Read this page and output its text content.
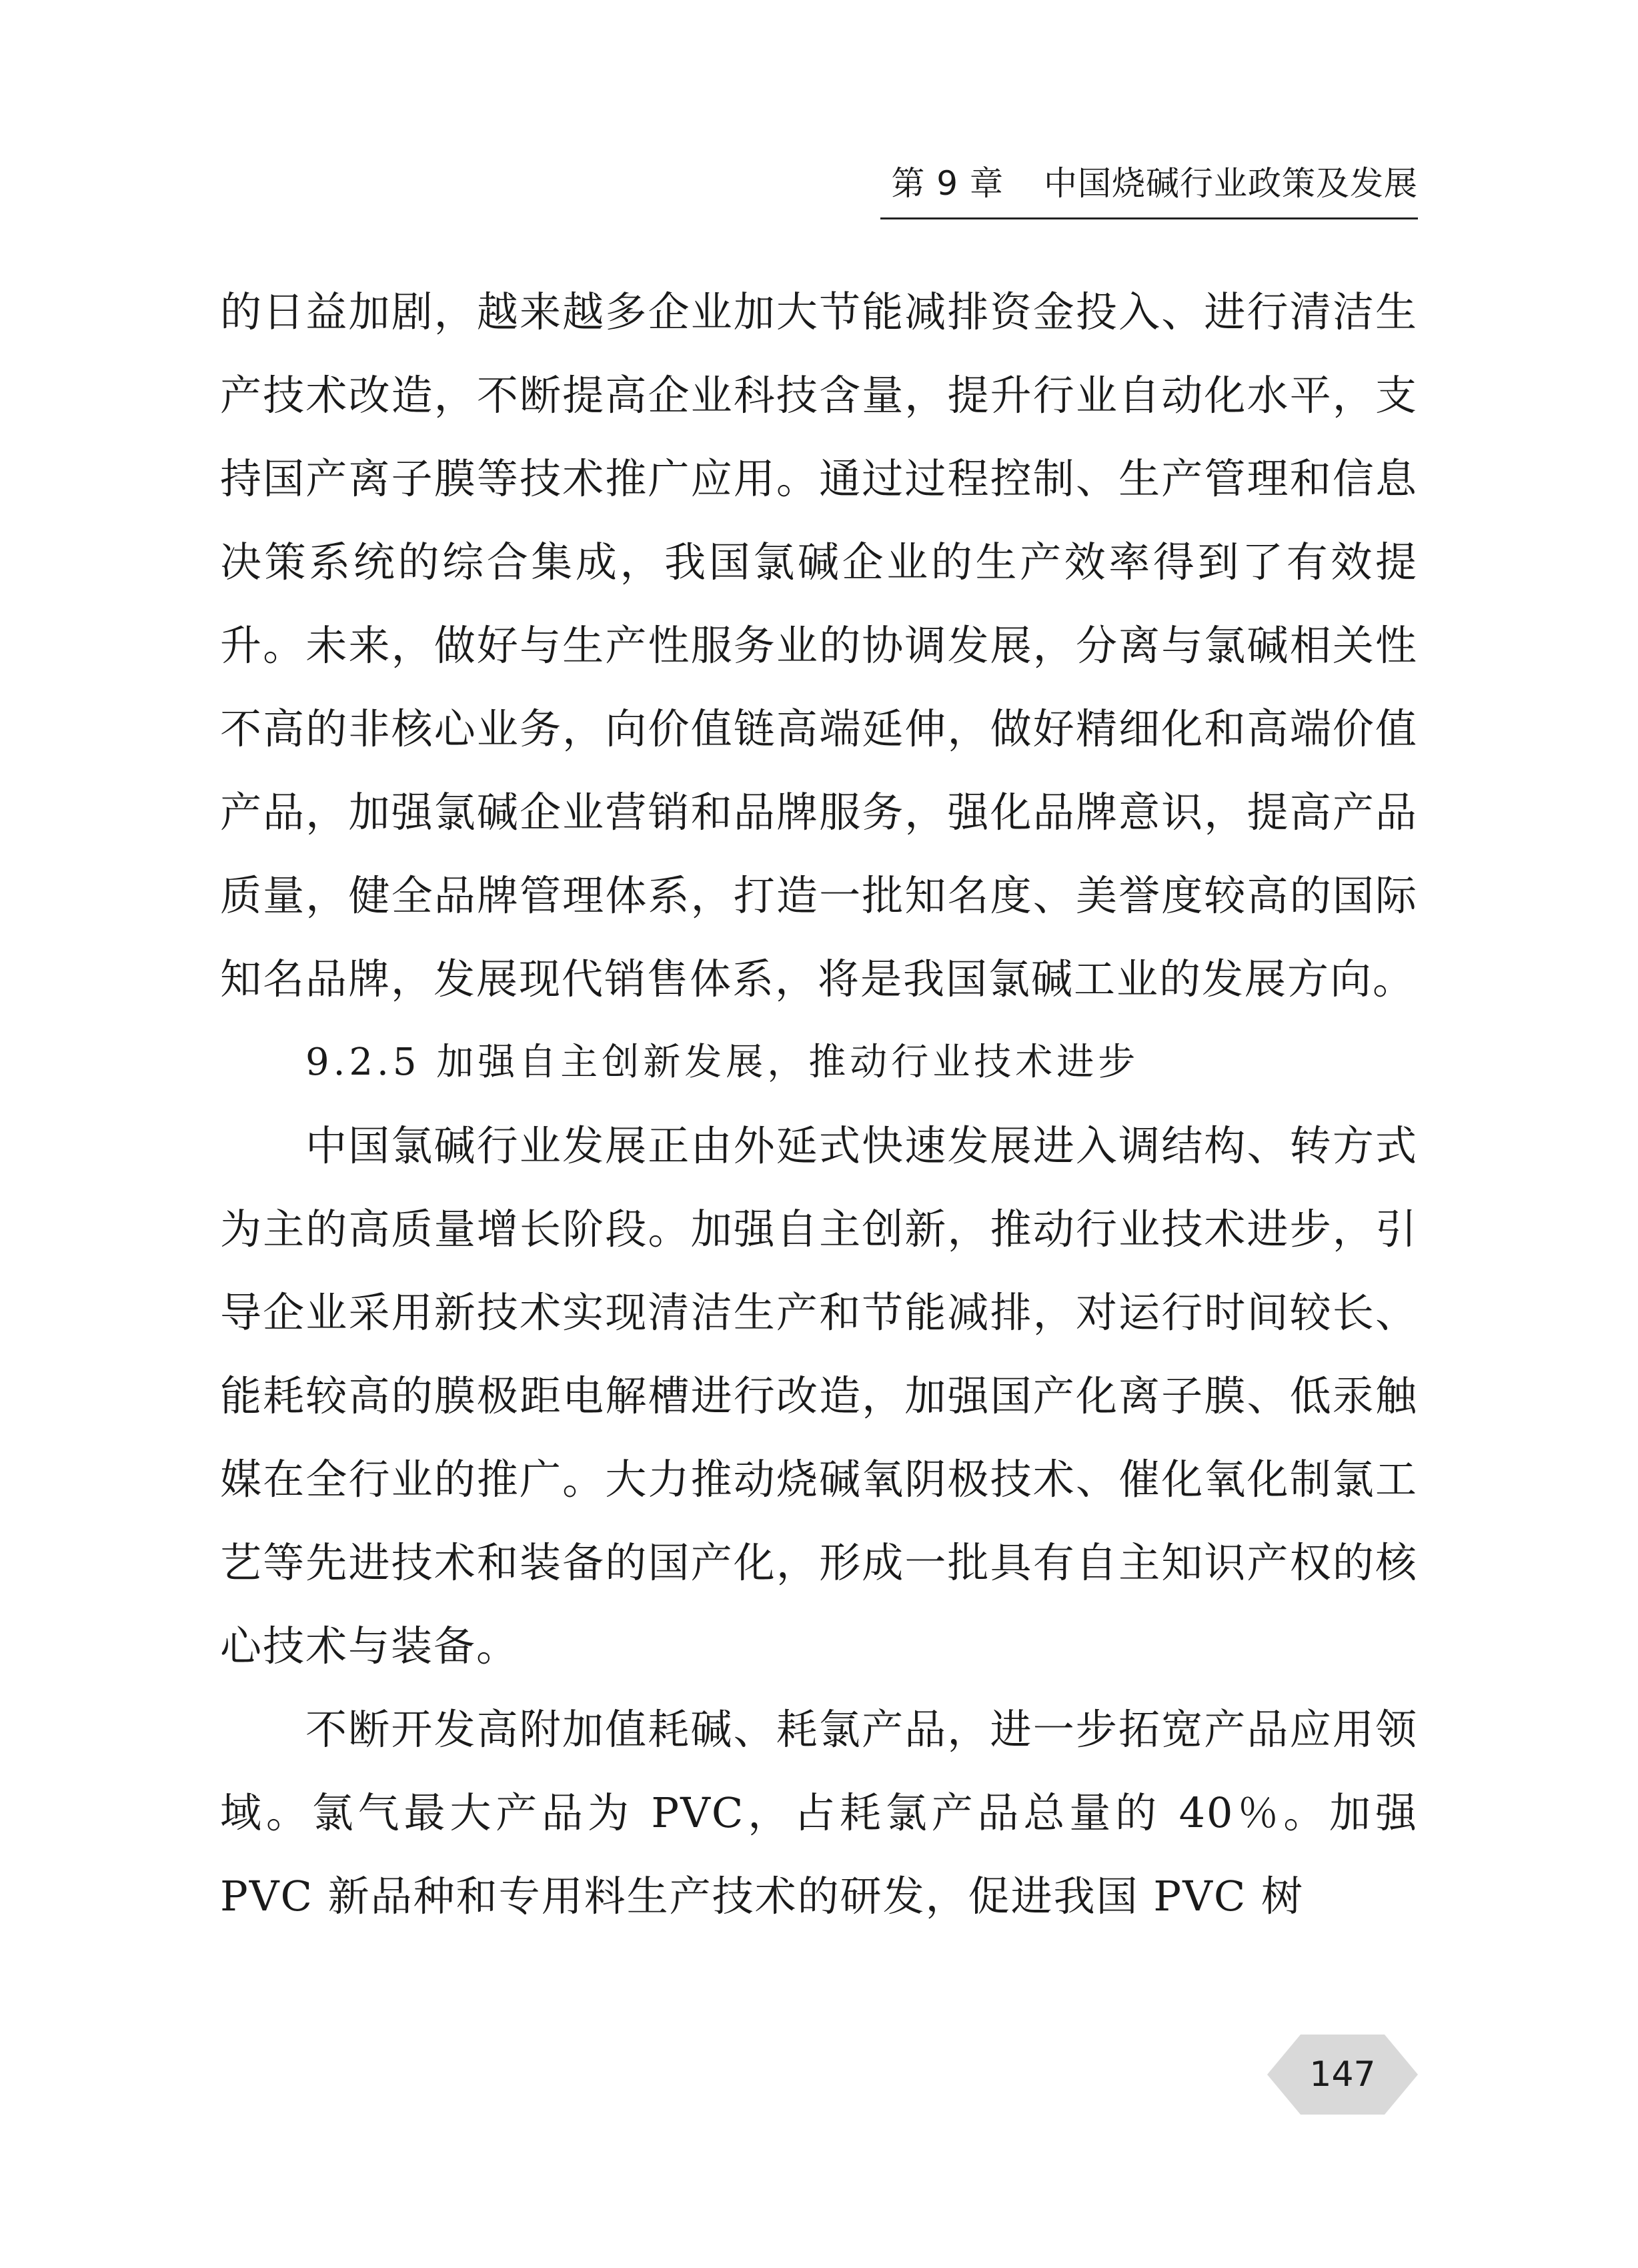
第 9 章 中国烧碱行业政策及发展

的日益加剧，越来越多企业加大节能减排资金投入、进行清洁生产技术改造，不断提高企业科技含量，提升行业自动化水平，支持国产离子膜等技术推广应用。通过过程控制、生产管理和信息决策系统的综合集成，我国氯碱企业的生产效率得到了有效提升。未来，做好与生产性服务业的协调发展，分离与氯碱相关性不高的非核心业务，向价值链高端延伸，做好精细化和高端价值产品，加强氯碱企业营销和品牌服务，强化品牌意识，提高产品质量，健全品牌管理体系，打造一批知名度、美誉度较高的国际知名品牌，发展现代销售体系，将是我国氯碱工业的发展方向。

9.2.5 加强自主创新发展，推动行业技术进步

中国氯碱行业发展正由外延式快速发展进入调结构、转方式为主的高质量增长阶段。加强自主创新，推动行业技术进步，引导企业采用新技术实现清洁生产和节能减排，对运行时间较长、能耗较高的膜极距电解槽进行改造，加强国产化离子膜、低汞触媒在全行业的推广。大力推动烧碱氧阴极技术、催化氧化制氯工艺等先进技术和装备的国产化，形成一批具有自主知识产权的核心技术与装备。

不断开发高附加值耗碱、耗氯产品，进一步拓宽产品应用领域。氯气最大产品为 PVC，占耗氯产品总量的 40％。加强 PVC 新品种和专用料生产技术的研发，促进我国 PVC 树

147
